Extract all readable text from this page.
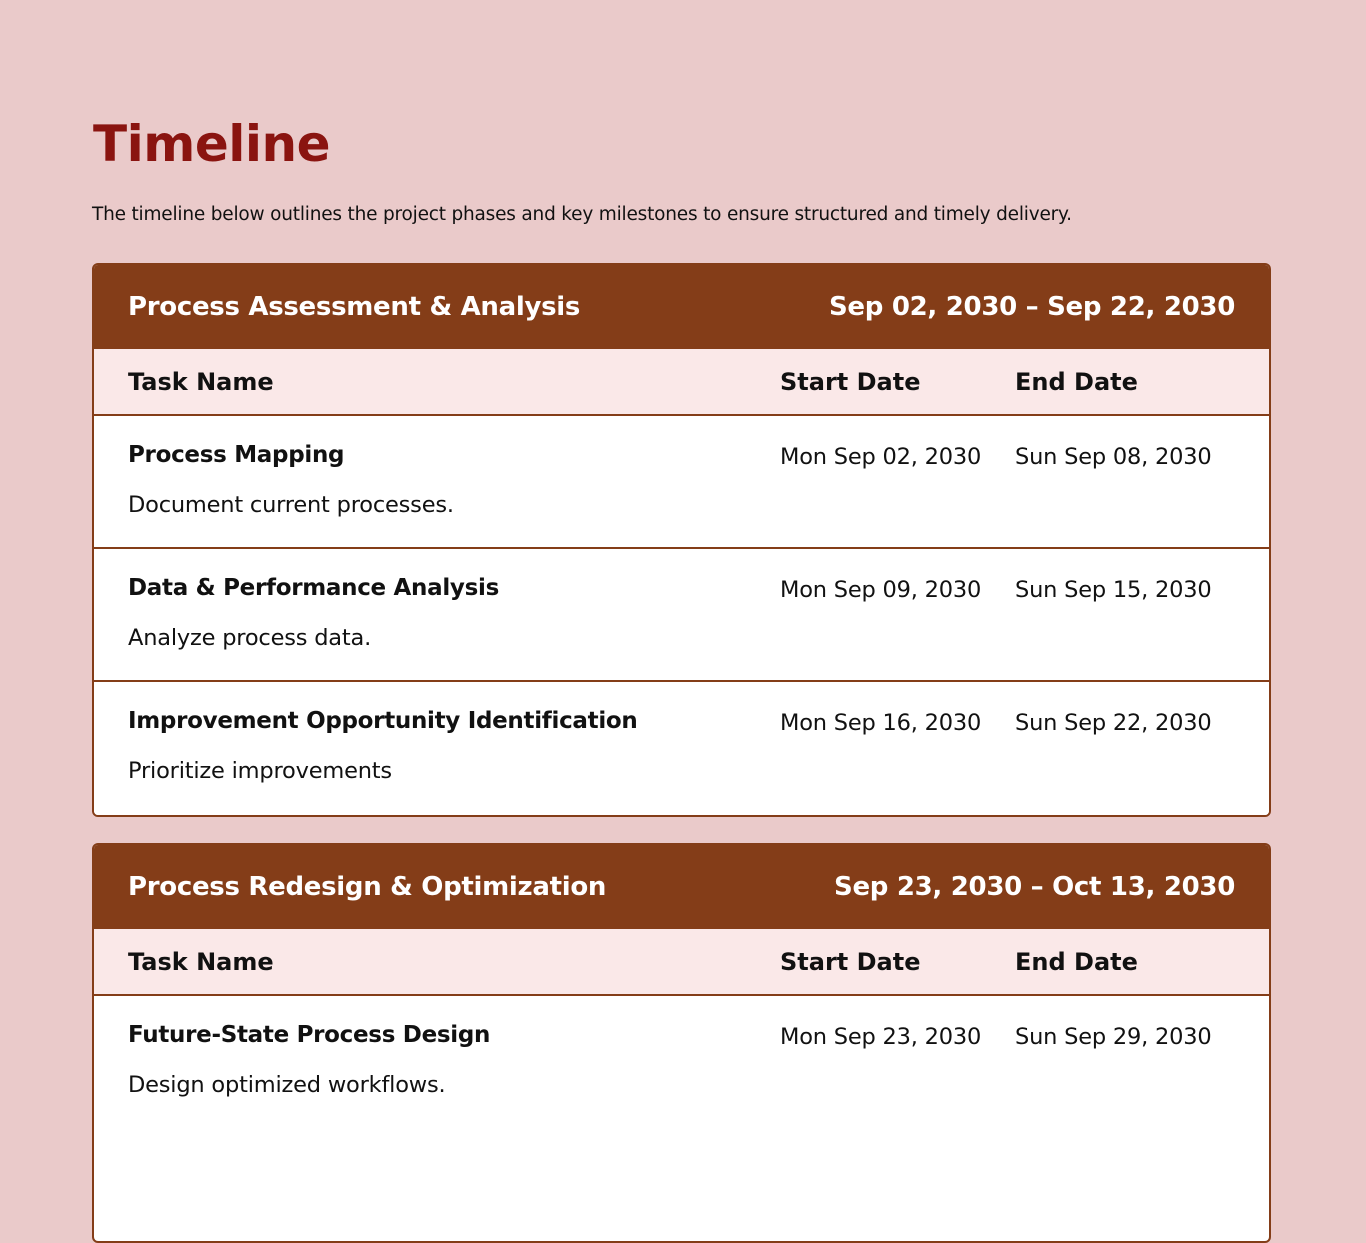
Timeline
The timeline below outlines the project phases and key milestones to ensure structured and timely delivery.
Process Assessment & Analysis	Sep 02, 2030 – Sep 22, 2030
Task Name	Start Date	End Date
Process Mapping
Document current processes.
Mon Sep 02, 2030 Sun Sep 08, 2030
Data & Performance Analysis
Analyze process data.
Mon Sep 09, 2030 Sun Sep 15, 2030
Improvement Opportunity Identification
Prioritize improvements
Mon Sep 16, 2030 Sun Sep 22, 2030
Process Redesign & Optimization	Sep 23, 2030 – Oct 13, 2030
Task Name	Start Date	End Date
Future-State Process Design
Design optimized workflows.
Mon Sep 23, 2030 Sun Sep 29, 2030
